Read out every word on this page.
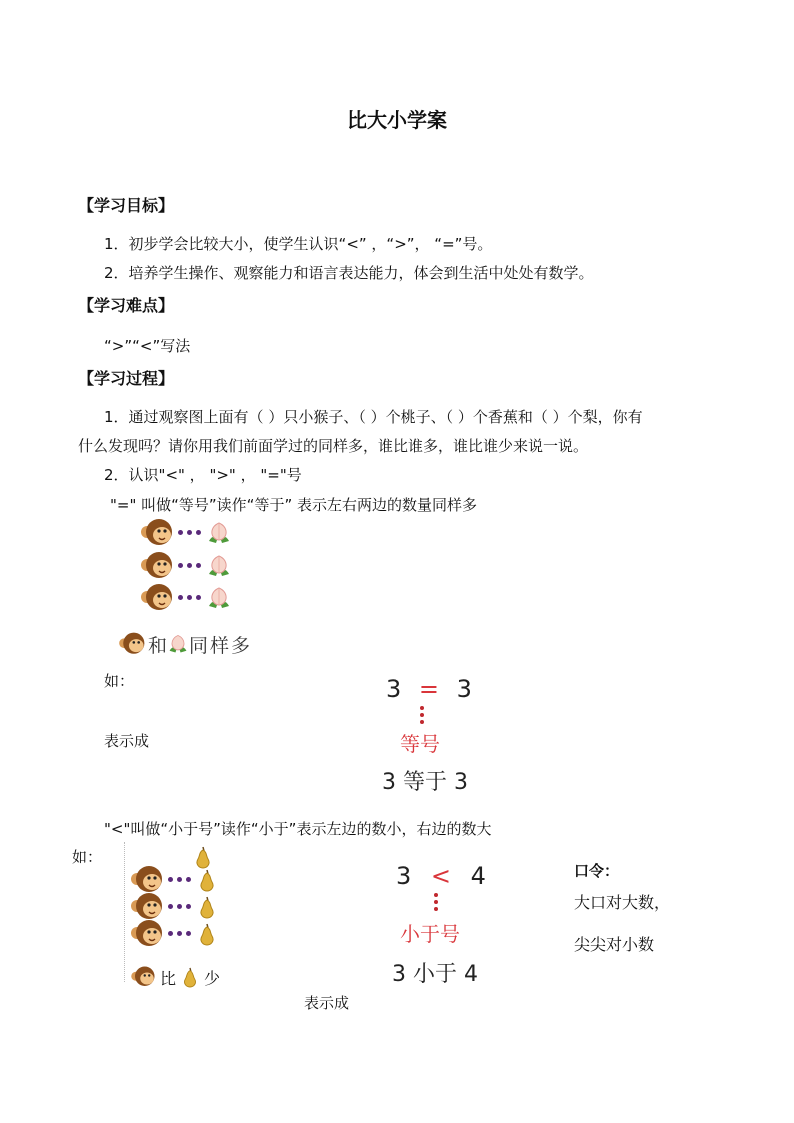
比大小学案
【学习目标】
1．初步学会比较大小，使学生认识“<” ，“>”， “=”号。
2．培养学生操作、观察能力和语言表达能力，体会到生活中处处有数学。
【学习难点】
“>”“<”写法
【学习过程】
1．通过观察图上面有（ ）只小猴子、（ ）个桃子、（ ）个香蕉和（ ）个梨，你有
什么发现吗？请你用我们前面学过的同样多，谁比谁多，谁比谁少来说一说。
2．认识"<" ， ">" ， "="号
"=" 叫做“等号”读作“等于” 表示左右两边的数量同样多
和 同样多
如：
表示成
3 = 3
等号
3 等于 3
"<"叫做“小于号”读作“小于”表示左边的数小，右边的数大
如：
比 少
3 < 4
小于号
3 小于 4
口令：
大口对大数，
尖尖对小数
表示成
